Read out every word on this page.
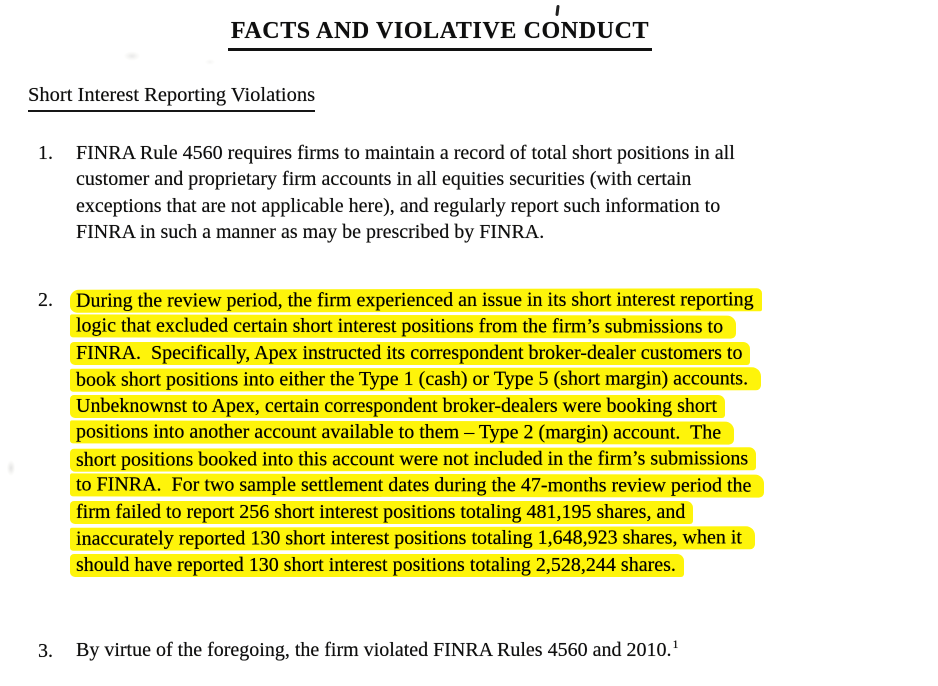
FACTS AND VIOLATIVE CONDUCT
Short Interest Reporting Violations
1.	FINRA Rule 4560 requires firms to maintain a record of total short positions in all
customer and proprietary firm accounts in all equities securities (with certain
exceptions that are not applicable here), and regularly report such information to
FINRA in such a manner as may be prescribed by FINRA.
2.	During the review period, the firm experienced an issue in its short interest reporting
logic that excluded certain short interest positions from the firm’s submissions to
FINRA.  Specifically, Apex instructed its correspondent broker-dealer customers to
book short positions into either the Type 1 (cash) or Type 5 (short margin) accounts.
Unbeknownst to Apex, certain correspondent broker-dealers were booking short
positions into another account available to them – Type 2 (margin) account.  The
short positions booked into this account were not included in the firm’s submissions
to FINRA.  For two sample settlement dates during the 47-months review period the
firm failed to report 256 short interest positions totaling 481,195 shares, and
inaccurately reported 130 short interest positions totaling 1,648,923 shares, when it
should have reported 130 short interest positions totaling 2,528,244 shares.
3.	By virtue of the foregoing, the firm violated FINRA Rules 4560 and 2010.$^1$
